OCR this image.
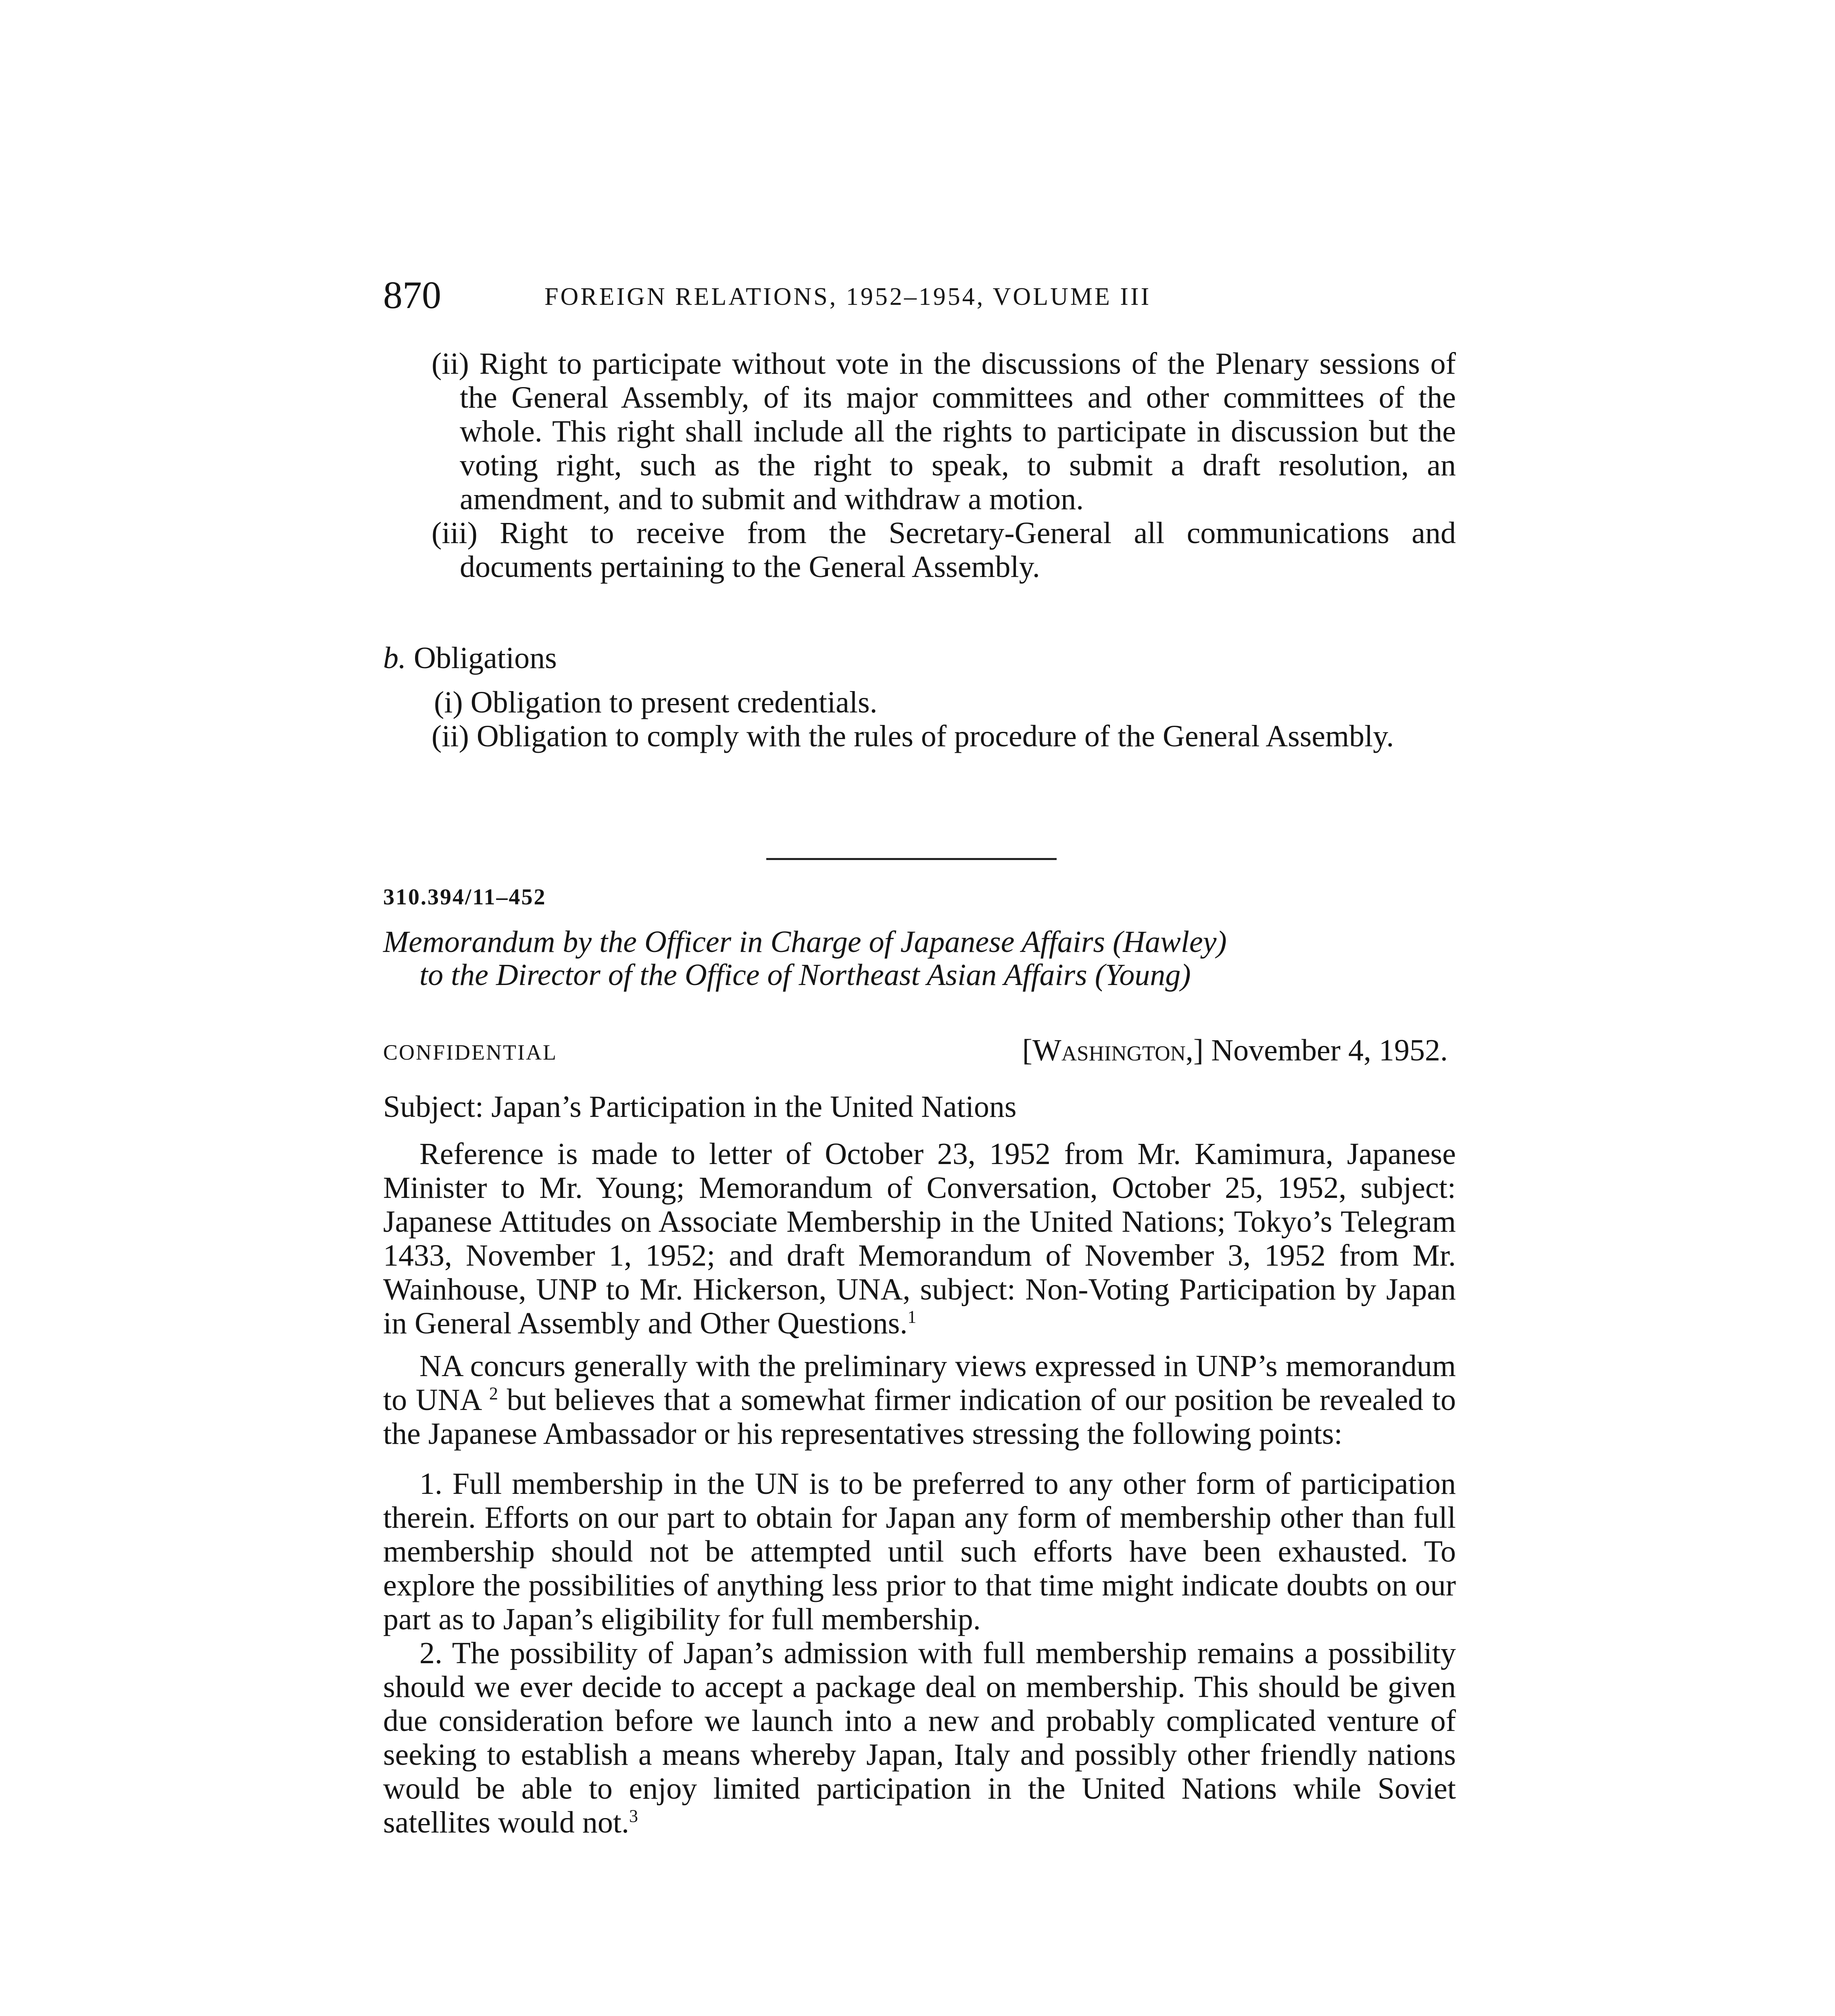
870	FOREIGN RELATIONS, 1952–1954, VOLUME III

(ii) Right to participate without vote in the discussions of the Plenary sessions of the General Assembly, of its major committees and other committees of the whole. This right shall include all the rights to participate in discussion but the voting right, such as the right to speak, to submit a draft resolution, an amendment, and to submit and withdraw a motion.

(iii) Right to receive from the Secretary-General all communications and documents pertaining to the General Assembly.

b. Obligations

(i) Obligation to present credentials.

(ii) Obligation to comply with the rules of procedure of the General Assembly.

310.394/11–452
Memorandum by the Officer in Charge of Japanese Affairs (Hawley)
to the Director of the Office of Northeast Asian Affairs (Young)
CONFIDENTIAL	[Washington,] November 4, 1952.
Subject: Japan’s Participation in the United Nations

Reference is made to letter of October 23, 1952 from Mr. Kamimura, Japanese Minister to Mr. Young; Memorandum of Conversation, October 25, 1952, subject: Japanese Attitudes on Associate Membership in the United Nations; Tokyo’s Telegram 1433, November 1, 1952; and draft Memorandum of November 3, 1952 from Mr. Wainhouse, UNP to Mr. Hickerson, UNA, subject: Non-Voting Participation by Japan in General Assembly and Other Questions.$^1$

NA concurs generally with the preliminary views expressed in UNP’s memorandum to UNA $^2$ but believes that a somewhat firmer indication of our position be revealed to the Japanese Ambassador or his representatives stressing the following points:

1. Full membership in the UN is to be preferred to any other form of participation therein. Efforts on our part to obtain for Japan any form of membership other than full membership should not be attempted until such efforts have been exhausted. To explore the possibilities of anything less prior to that time might indicate doubts on our part as to Japan’s eligibility for full membership.

2. The possibility of Japan’s admission with full membership remains a possibility should we ever decide to accept a package deal on membership. This should be given due consideration before we launch into a new and probably complicated venture of seeking to establish a means whereby Japan, Italy and possibly other friendly nations would be able to enjoy limited participation in the United Nations while Soviet satellites would not.$^3$
